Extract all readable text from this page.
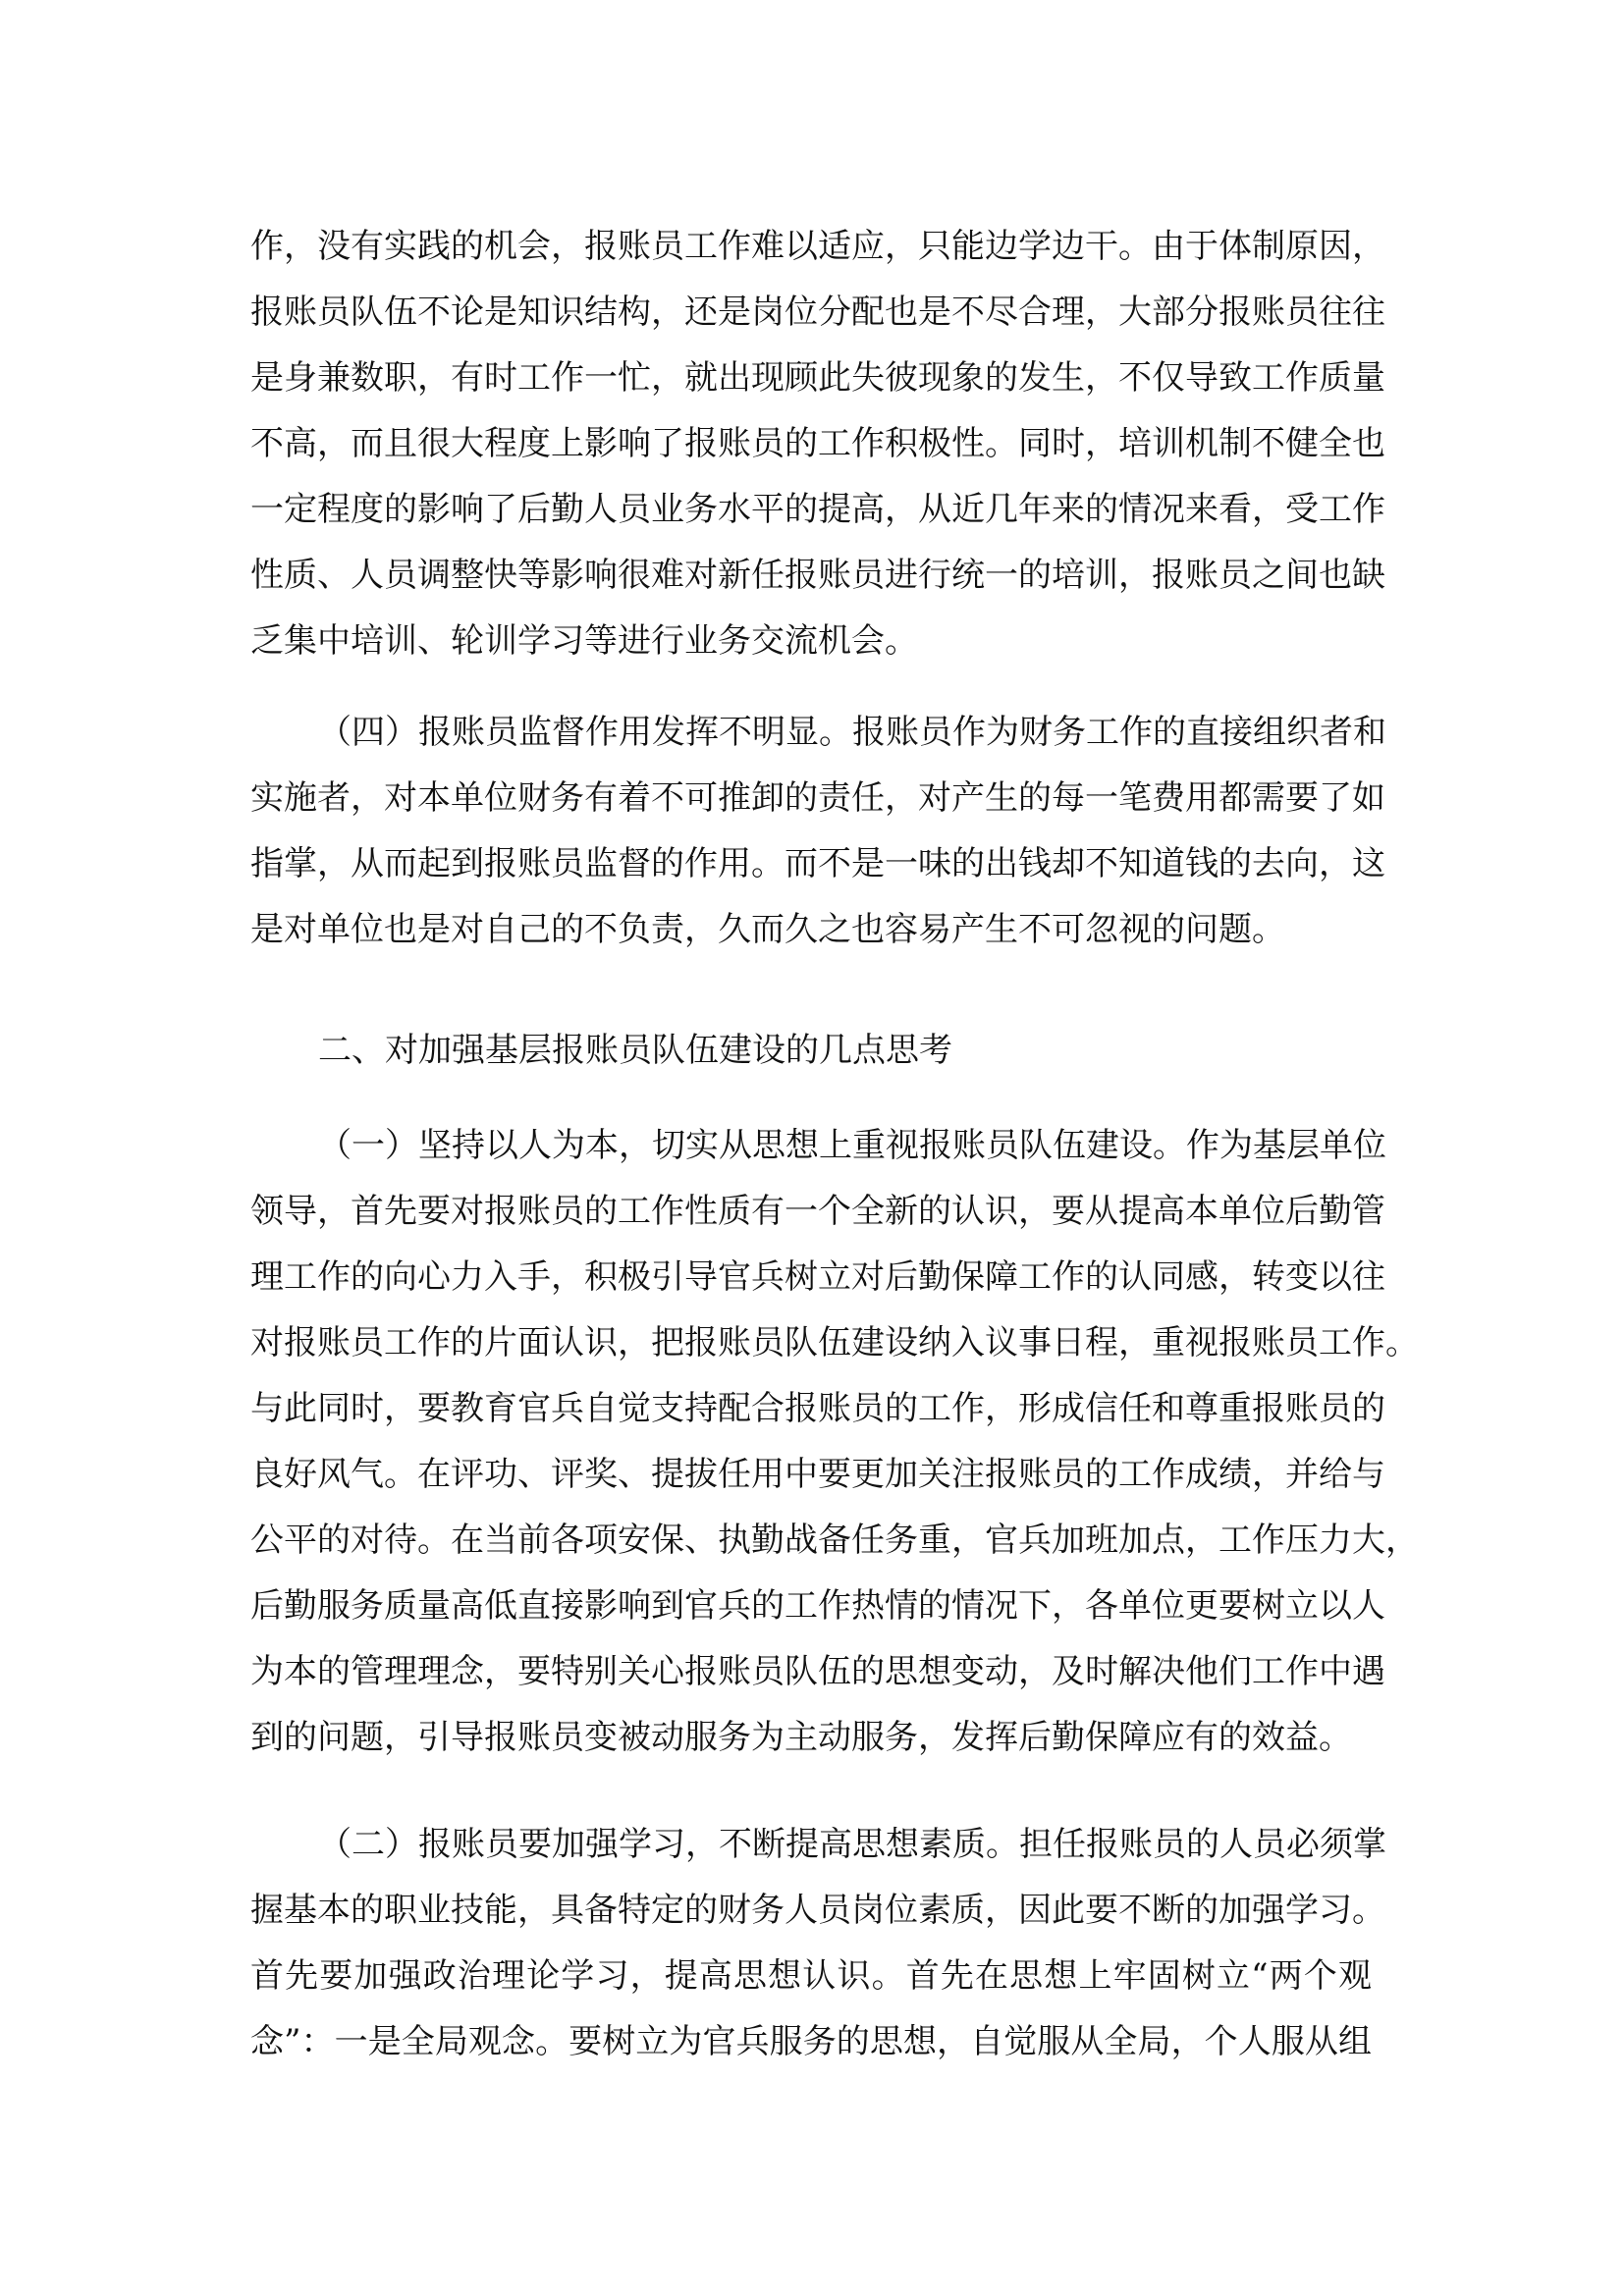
作，没有实践的机会，报账员工作难以适应，只能边学边干。由于体制原因，
报账员队伍不论是知识结构，还是岗位分配也是不尽合理，大部分报账员往往
是身兼数职，有时工作一忙，就出现顾此失彼现象的发生，不仅导致工作质量
不高，而且很大程度上影响了报账员的工作积极性。同时，培训机制不健全也
一定程度的影响了后勤人员业务水平的提高，从近几年来的情况来看，受工作
性质、人员调整快等影响很难对新任报账员进行统一的培训，报账员之间也缺
乏集中培训、轮训学习等进行业务交流机会。
（四）报账员监督作用发挥不明显。报账员作为财务工作的直接组织者和
实施者，对本单位财务有着不可推卸的责任，对产生的每一笔费用都需要了如
指掌，从而起到报账员监督的作用。而不是一味的出钱却不知道钱的去向，这
是对单位也是对自己的不负责，久而久之也容易产生不可忽视的问题。
二、对加强基层报账员队伍建设的几点思考
（一）坚持以人为本，切实从思想上重视报账员队伍建设。作为基层单位
领导，首先要对报账员的工作性质有一个全新的认识，要从提高本单位后勤管
理工作的向心力入手，积极引导官兵树立对后勤保障工作的认同感，转变以往
对报账员工作的片面认识，把报账员队伍建设纳入议事日程，重视报账员工作。
与此同时，要教育官兵自觉支持配合报账员的工作，形成信任和尊重报账员的
良好风气。在评功、评奖、提拔任用中要更加关注报账员的工作成绩，并给与
公平的对待。在当前各项安保、执勤战备任务重，官兵加班加点，工作压力大，
后勤服务质量高低直接影响到官兵的工作热情的情况下，各单位更要树立以人
为本的管理理念，要特别关心报账员队伍的思想变动，及时解决他们工作中遇
到的问题，引导报账员变被动服务为主动服务，发挥后勤保障应有的效益。
（二）报账员要加强学习，不断提高思想素质。担任报账员的人员必须掌
握基本的职业技能，具备特定的财务人员岗位素质，因此要不断的加强学习。
首先要加强政治理论学习，提高思想认识。首先在思想上牢固树立“两个观
念”：一是全局观念。要树立为官兵服务的思想，自觉服从全局，个人服从组
